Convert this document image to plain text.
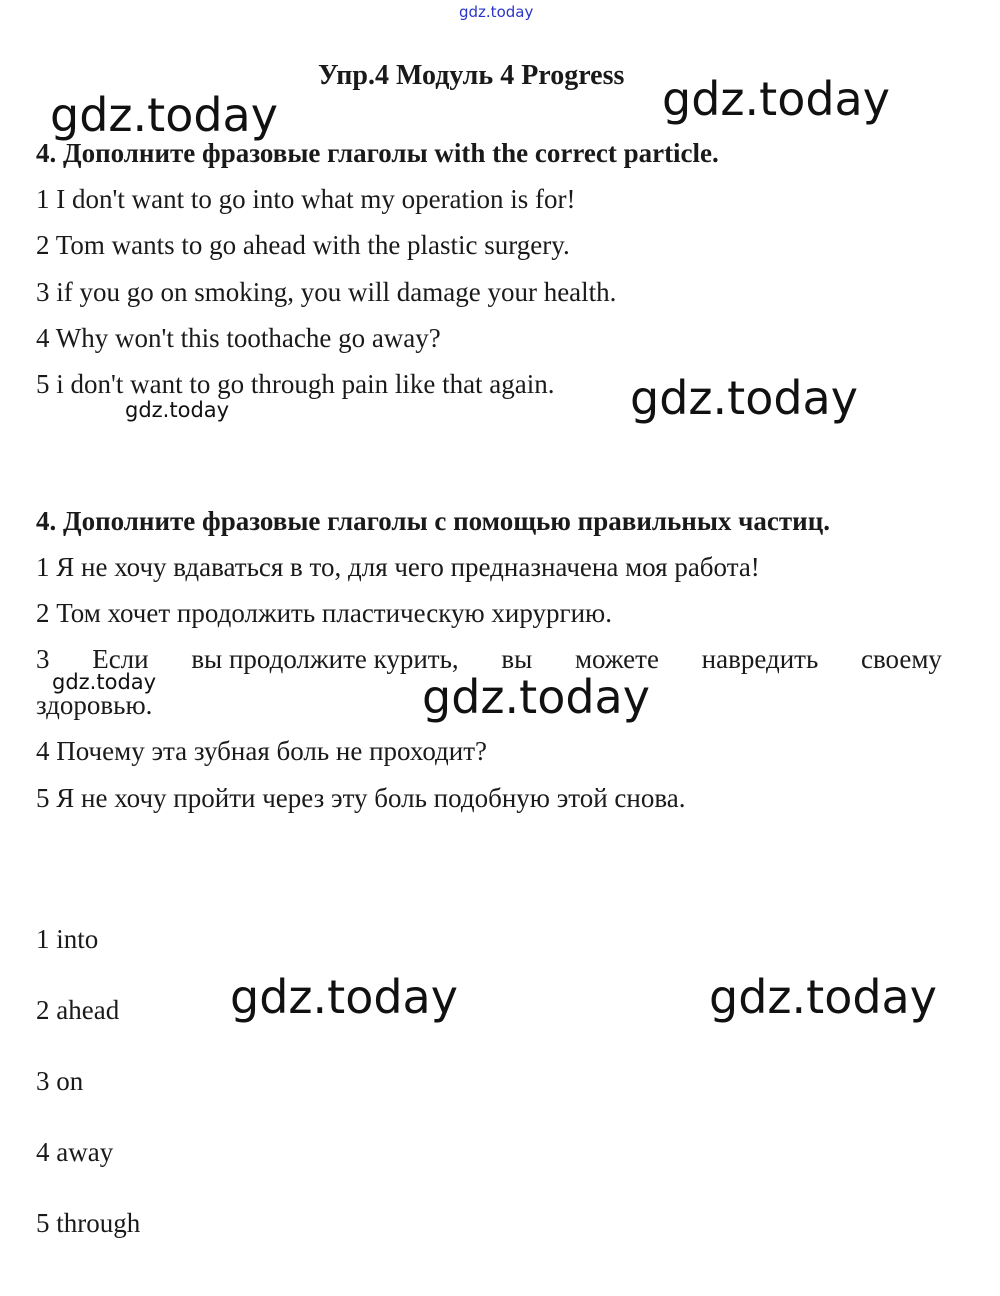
gdz.today
Упр.4 Модуль 4 Progress
gdz.today	gdz.today
4. Дополните фразовые глаголы with the correct particle.
1 I don't want to go into what my operation is for!
2 Tom wants to go ahead with the plastic surgery.
3 if you go on smoking, you will damage your health.
4 Why won't this toothache go away?
5 i don't want to go through pain like that again. gdz.today
gdz.today
4. Дополните фразовые глаголы с помощью правильных частиц.
1 Я не хочу вдаваться в то, для чего предназначена моя работа!
2 Том хочет продолжить пластическую хирургию.
3 Если вы продолжите курить, вы можете навредить своему
gdz.today
здоровью.	gdz.today
4 Почему эта зубная боль не проходит?
5 Я не хочу пройти через эту боль подобную этой снова.
1 into
2 ahead
3 on
4 away
5 through
gdz.today	gdz.today
